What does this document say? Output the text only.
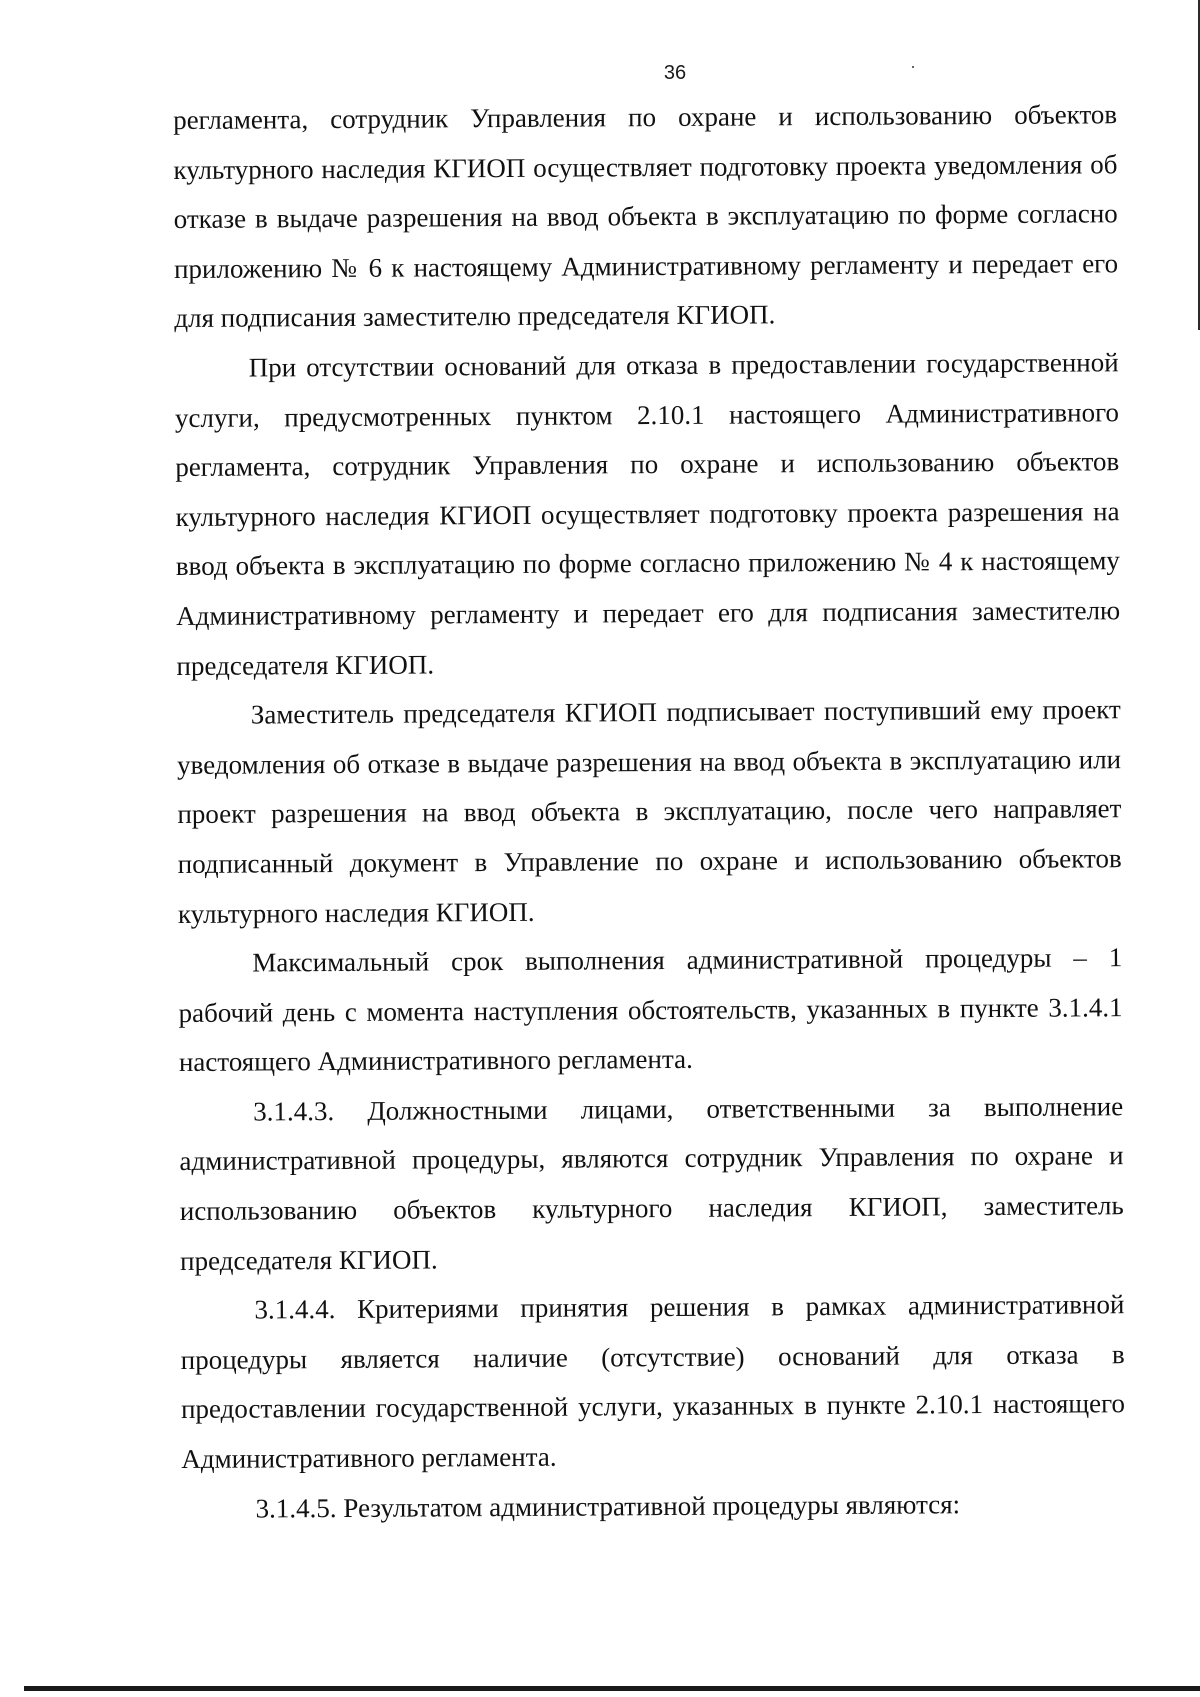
36

регламента, сотрудник Управления по охране и использованию объектов культурного наследия КГИОП осуществляет подготовку проекта уведомления об отказе в выдаче разрешения на ввод объекта в эксплуатацию по форме согласно приложению № 6 к настоящему Административному регламенту и передает его для подписания заместителю председателя КГИОП.

При отсутствии оснований для отказа в предоставлении государственной услуги, предусмотренных пунктом 2.10.1 настоящего Административного регламента, сотрудник Управления по охране и использованию объектов культурного наследия КГИОП осуществляет подготовку проекта разрешения на ввод объекта в эксплуатацию по форме согласно приложению № 4 к настоящему Административному регламенту и передает его для подписания заместителю председателя КГИОП.

Заместитель председателя КГИОП подписывает поступивший ему проект уведомления об отказе в выдаче разрешения на ввод объекта в эксплуатацию или проект разрешения на ввод объекта в эксплуатацию, после чего направляет подписанный документ в Управление по охране и использованию объектов культурного наследия КГИОП.

Максимальный срок выполнения административной процедуры – 1 рабочий день с момента наступления обстоятельств, указанных в пункте 3.1.4.1 настоящего Административного регламента.

3.1.4.3. Должностными лицами, ответственными за выполнение административной процедуры, являются сотрудник Управления по охране и использованию объектов культурного наследия КГИОП, заместитель председателя КГИОП.

3.1.4.4. Критериями принятия решения в рамках административной процедуры является наличие (отсутствие) оснований для отказа в предоставлении государственной услуги, указанных в пункте 2.10.1 настоящего Административного регламента.

3.1.4.5. Результатом административной процедуры являются:
